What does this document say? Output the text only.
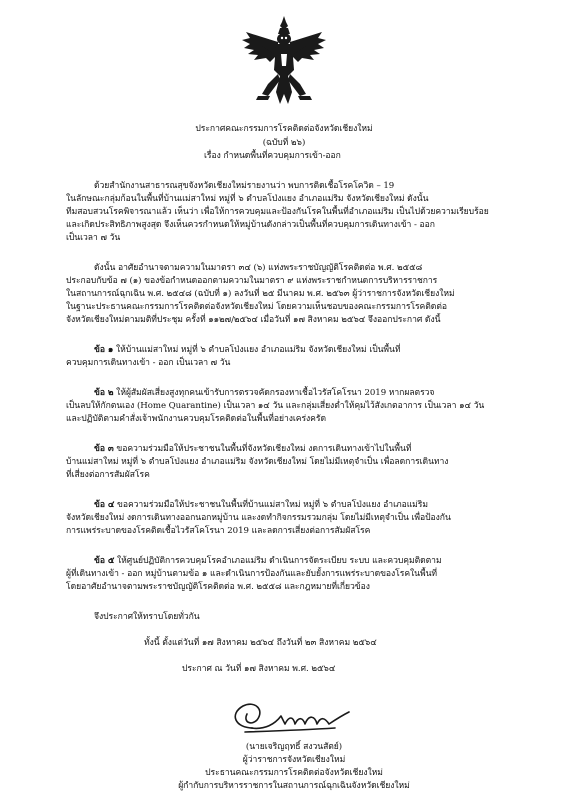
ประกาศคณะกรรมการโรคติดต่อจังหวัดเชียงใหม่

(ฉบับที่ ๒๖)

เรื่อง กำหนดพื้นที่ควบคุมการเข้า-ออก

ด้วยสำนักงานสาธารณสุขจังหวัดเชียงใหม่รายงานว่า พบการติดเชื้อโรคโควิด – 19

ในลักษณะกลุ่มก้อนในพื้นที่บ้านแม่สาใหม่ หมู่ที่ ๖ ตำบลโป่งแยง อำเภอแม่ริม จังหวัดเชียงใหม่ ดังนั้น

ทีมสอบสวนโรคพิจารณาแล้ว เห็นว่า เพื่อให้การควบคุมและป้องกันโรคในพื้นที่อำเภอแม่ริม เป็นไปด้วยความเรียบร้อย

และเกิดประสิทธิภาพสูงสุด จึงเห็นควรกำหนดให้หมู่บ้านดังกล่าวเป็นพื้นที่ควบคุมการเดินทางเข้า - ออก

เป็นเวลา ๗ วัน

ดังนั้น อาศัยอำนาจตามความในมาตรา ๓๔ (๖) แห่งพระราชบัญญัติโรคติดต่อ พ.ศ. ๒๕๕๘

ประกอบกับข้อ ๗ (๑) ของข้อกำหนดออกตามความในมาตรา ๙ แห่งพระราชกำหนดการบริหารราชการ

ในสถานการณ์ฉุกเฉิน พ.ศ. ๒๕๔๘ (ฉบับที่ ๑) ลงวันที่ ๒๕ มีนาคม พ.ศ. ๒๕๖๓ ผู้ว่าราชการจังหวัดเชียงใหม่

ในฐานะประธานคณะกรรมการโรคติดต่อจังหวัดเชียงใหม่ โดยความเห็นชอบของคณะกรรมการโรคติดต่อ

จังหวัดเชียงใหม่ตามมติที่ประชุม ครั้งที่ ๑๑๒๗/๒๕๖๔ เมื่อวันที่ ๑๗ สิงหาคม ๒๕๖๔ จึงออกประกาศ ดังนี้

ข้อ ๑ ให้บ้านแม่สาใหม่ หมู่ที่ ๖ ตำบลโป่งแยง อำเภอแม่ริม จังหวัดเชียงใหม่ เป็นพื้นที่

ควบคุมการเดินทางเข้า - ออก เป็นเวลา ๗ วัน

ข้อ ๒ ให้ผู้สัมผัสเสี่ยงสูงทุกคนเข้ารับการตรวจคัดกรองหาเชื้อไวรัสโคโรนา 2019 หากผลตรวจ

เป็นลบให้กักตนเอง (Home Quarantine) เป็นเวลา ๑๔ วัน และกลุ่มเสี่ยงต่ำให้คุมไว้สังเกตอาการ เป็นเวลา ๑๔ วัน

และปฏิบัติตามคำสั่งเจ้าพนักงานควบคุมโรคติดต่อในพื้นที่อย่างเคร่งครัด

ข้อ ๓ ขอความร่วมมือให้ประชาชนในพื้นที่จังหวัดเชียงใหม่ งดการเดินทางเข้าไปในพื้นที่

บ้านแม่สาใหม่ หมู่ที่ ๖ ตำบลโป่งแยง อำเภอแม่ริม จังหวัดเชียงใหม่ โดยไม่มีเหตุจำเป็น เพื่อลดการเดินทาง

ที่เสี่ยงต่อการสัมผัสโรค

ข้อ ๔ ขอความร่วมมือให้ประชาชนในพื้นที่บ้านแม่สาใหม่ หมู่ที่ ๖ ตำบลโป่งแยง อำเภอแม่ริม

จังหวัดเชียงใหม่ งดการเดินทางออกนอกหมู่บ้าน และงดทำกิจกรรมรวมกลุ่ม โดยไม่มีเหตุจำเป็น เพื่อป้องกัน

การแพร่ระบาดของโรคติดเชื้อไวรัสโคโรนา 2019 และลดการเสี่ยงต่อการสัมผัสโรค

ข้อ ๕ ให้ศูนย์ปฏิบัติการควบคุมโรคอำเภอแม่ริม ดำเนินการจัดระเบียบ ระบบ และควบคุมติดตาม

ผู้ที่เดินทางเข้า - ออก หมู่บ้านตามข้อ ๑ และดำเนินการป้องกันและยับยั้งการแพร่ระบาดของโรคในพื้นที่

โดยอาศัยอำนาจตามพระราชบัญญัติโรคติดต่อ พ.ศ. ๒๕๕๘ และกฎหมายที่เกี่ยวข้อง

จึงประกาศให้ทราบโดยทั่วกัน

ทั้งนี้ ตั้งแต่วันที่ ๑๗ สิงหาคม ๒๕๖๔ ถึงวันที่ ๒๓ สิงหาคม ๒๕๖๔

ประกาศ ณ วันที่ ๑๗ สิงหาคม พ.ศ. ๒๕๖๔

(นายเจริญฤทธิ์ สงวนสัตย์)

ผู้ว่าราชการจังหวัดเชียงใหม่

ประธานคณะกรรมการโรคติดต่อจังหวัดเชียงใหม่

ผู้กำกับการบริหารราชการในสถานการณ์ฉุกเฉินจังหวัดเชียงใหม่
